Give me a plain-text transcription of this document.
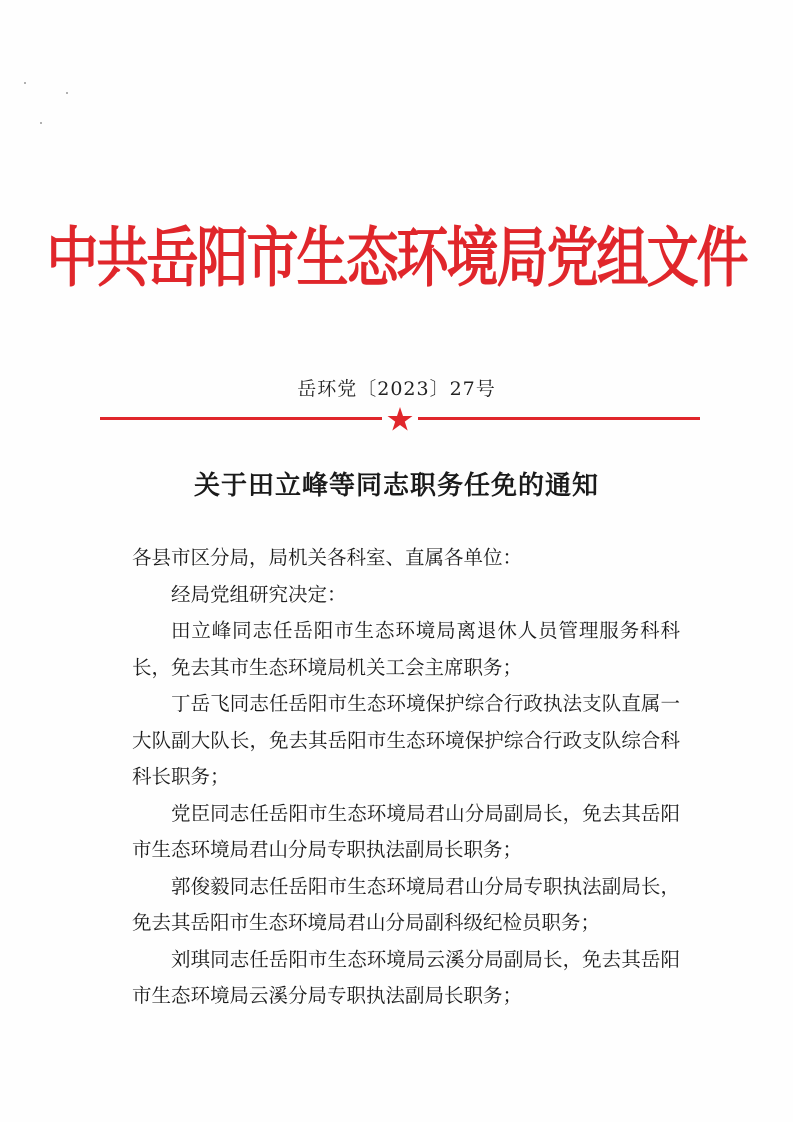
中共岳阳市生态环境局党组文件
岳环党〔2023〕27号
关于田立峰等同志职务任免的通知

各县市区分局，局机关各科室、直属各单位：

经局党组研究决定：

田立峰同志任岳阳市生态环境局离退休人员管理服务科科长，免去其市生态环境局机关工会主席职务；

丁岳飞同志任岳阳市生态环境保护综合行政执法支队直属一大队副大队长，免去其岳阳市生态环境保护综合行政支队综合科科长职务；

党臣同志任岳阳市生态环境局君山分局副局长，免去其岳阳市生态环境局君山分局专职执法副局长职务；

郭俊毅同志任岳阳市生态环境局君山分局专职执法副局长，免去其岳阳市生态环境局君山分局副科级纪检员职务；

刘琪同志任岳阳市生态环境局云溪分局副局长，免去其岳阳市生态环境局云溪分局专职执法副局长职务；
